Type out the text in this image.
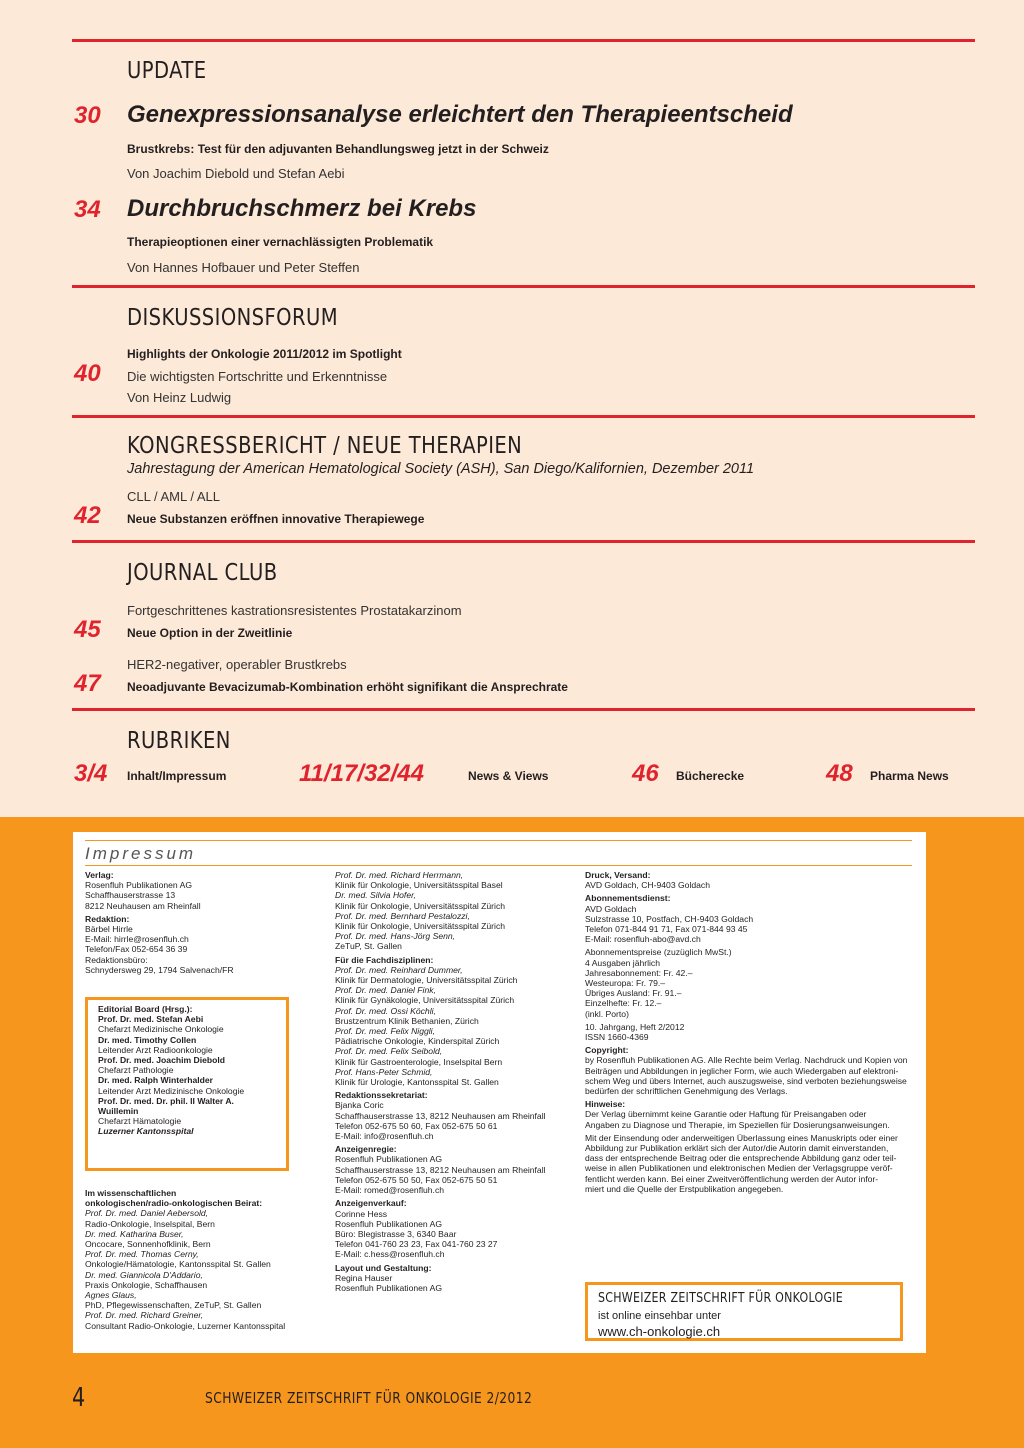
UPDATE
30 Genexpressionsanalyse erleichtert den Therapieentscheid
Brustkrebs: Test für den adjuvanten Behandlungsweg jetzt in der Schweiz
Von Joachim Diebold und Stefan Aebi
34 Durchbruchschmerz bei Krebs
Therapieoptionen einer vernachlässigten Problematik
Von Hannes Hofbauer und Peter Steffen
DISKUSSIONSFORUM
Highlights der Onkologie 2011/2012 im Spotlight
40 Die wichtigsten Fortschritte und Erkenntnisse
Von Heinz Ludwig
KONGRESSBERICHT / NEUE THERAPIEN
Jahrestagung der American Hematological Society (ASH), San Diego/Kalifornien, Dezember 2011
CLL / AML / ALL
42 Neue Substanzen eröffnen innovative Therapiewege
JOURNAL CLUB
Fortgeschrittenes kastrationsresistentes Prostatakarzinom
45 Neue Option in der Zweitlinie
HER2-negativer, operabler Brustkrebs
47 Neoadjuvante Bevacizumab-Kombination erhöht signifikant die Ansprechrate
RUBRIKEN
3/4 Inhalt/Impressum	11/17/32/44	News & Views	46 Bücherecke	48 Pharma News
Impressum
Verlag:
Rosenfluh Publikationen AG
Schaffhauserstrasse 13
8212 Neuhausen am Rheinfall
Redaktion:
Bärbel Hirrle
E-Mail: hirrle@rosenfluh.ch
Telefon/Fax 052-654 36 39
Redaktionsbüro:
Schnydersweg 29, 1794 Salvenach/FR
Editorial Board (Hrsg.):
Prof. Dr. med. Stefan Aebi
Chefarzt Medizinische Onkologie
Dr. med. Timothy Collen
Leitender Arzt Radioonkologie
Prof. Dr. med. Joachim Diebold
Chefarzt Pathologie
Dr. med. Ralph Winterhalder
Leitender Arzt Medizinische Onkologie
Prof. Dr. med. Dr. phil. II Walter A.
Wuillemin
Chefarzt Hämatologie
Luzerner Kantonsspital
Im wissenschaftlichen
onkologischen/radio-onkologischen Beirat:
Prof. Dr. med. Daniel Aebersold,
Radio-Onkologie, Inselspital, Bern
Dr. med. Katharina Buser,
Oncocare, Sonnenhofklinik, Bern
Prof. Dr. med. Thomas Cerny,
Onkologie/Hämatologie, Kantonsspital St. Gallen
Dr. med. Giannicola D'Addario,
Praxis Onkologie, Schaffhausen
Agnes Glaus,
PhD, Pflegewissenschaften, ZeTuP, St. Gallen
Prof. Dr. med. Richard Greiner,
Consultant Radio-Onkologie, Luzerner Kantonsspital
Prof. Dr. med. Richard Herrmann,
Klinik für Onkologie, Universitätsspital Basel
Dr. med. Silvia Hofer,
Klinik für Onkologie, Universitätsspital Zürich
Prof. Dr. med. Bernhard Pestalozzi,
Klinik für Onkologie, Universitätsspital Zürich
Prof. Dr. med. Hans-Jörg Senn,
ZeTuP, St. Gallen
Für die Fachdisziplinen:
Prof. Dr. med. Reinhard Dummer,
Klinik für Dermatologie, Universitätsspital Zürich
Prof. Dr. med. Daniel Fink,
Klinik für Gynäkologie, Universitätsspital Zürich
Prof. Dr. med. Ossi Köchli,
Brustzentrum Klinik Bethanien, Zürich
Prof. Dr. med. Felix Niggli,
Pädiatrische Onkologie, Kinderspital Zürich
Prof. Dr. med. Felix Seibold,
Klinik für Gastroenterologie, Inselspital Bern
Prof. Hans-Peter Schmid,
Klinik für Urologie, Kantonsspital St. Gallen
Redaktionssekretariat:
Bjanka Coric
Schaffhauserstrasse 13, 8212 Neuhausen am Rheinfall
Telefon 052-675 50 60, Fax 052-675 50 61
E-Mail: info@rosenfluh.ch
Anzeigenregie:
Rosenfluh Publikationen AG
Schaffhauserstrasse 13, 8212 Neuhausen am Rheinfall
Telefon 052-675 50 50, Fax 052-675 50 51
E-Mail: romed@rosenfluh.ch
Anzeigenverkauf:
Corinne Hess
Rosenfluh Publikationen AG
Büro: Blegistrasse 3, 6340 Baar
Telefon 041-760 23 23, Fax 041-760 23 27
E-Mail: c.hess@rosenfluh.ch
Layout und Gestaltung:
Regina Hauser
Rosenfluh Publikationen AG
Druck, Versand:
AVD Goldach, CH-9403 Goldach
Abonnementsdienst:
AVD Goldach
Sulzstrasse 10, Postfach, CH-9403 Goldach
Telefon 071-844 91 71, Fax 071-844 93 45
E-Mail: rosenfluh-abo@avd.ch
Abonnementspreise (zuzüglich MwSt.)
4 Ausgaben jährlich
Jahresabonnement: Fr. 42.–
Westeuropa: Fr. 79.–
Übriges Ausland: Fr. 91.–
Einzelhefte: Fr. 12.–
(inkl. Porto)
10. Jahrgang, Heft 2/2012
ISSN 1660-4369
Copyright:
by Rosenfluh Publikationen AG. Alle Rechte beim Verlag. Nachdruck und Kopien von
Beiträgen und Abbildungen in jeglicher Form, wie auch Wiedergaben auf elektroni-
schem Weg und übers Internet, auch auszugsweise, sind verboten beziehungsweise
bedürfen der schriftlichen Genehmigung des Verlags.
Hinweise:
Der Verlag übernimmt keine Garantie oder Haftung für Preisangaben oder
Angaben zu Diagnose und Therapie, im Speziellen für Dosierungsanweisungen.
Mit der Einsendung oder anderweitigen Überlassung eines Manuskripts oder einer
Abbildung zur Publikation erklärt sich der Autor/die Autorin damit einverstanden,
dass der entsprechende Beitrag oder die entsprechende Abbildung ganz oder teil-
weise in allen Publikationen und elektronischen Medien der Verlagsgruppe veröf-
fentlicht werden kann. Bei einer Zweitveröffentlichung werden der Autor infor-
miert und die Quelle der Erstpublikation angegeben.
SCHWEIZER ZEITSCHRIFT FÜR ONKOLOGIE
ist online einsehbar unter
www.ch-onkologie.ch
4	SCHWEIZER ZEITSCHRIFT FÜR ONKOLOGIE 2/2012
